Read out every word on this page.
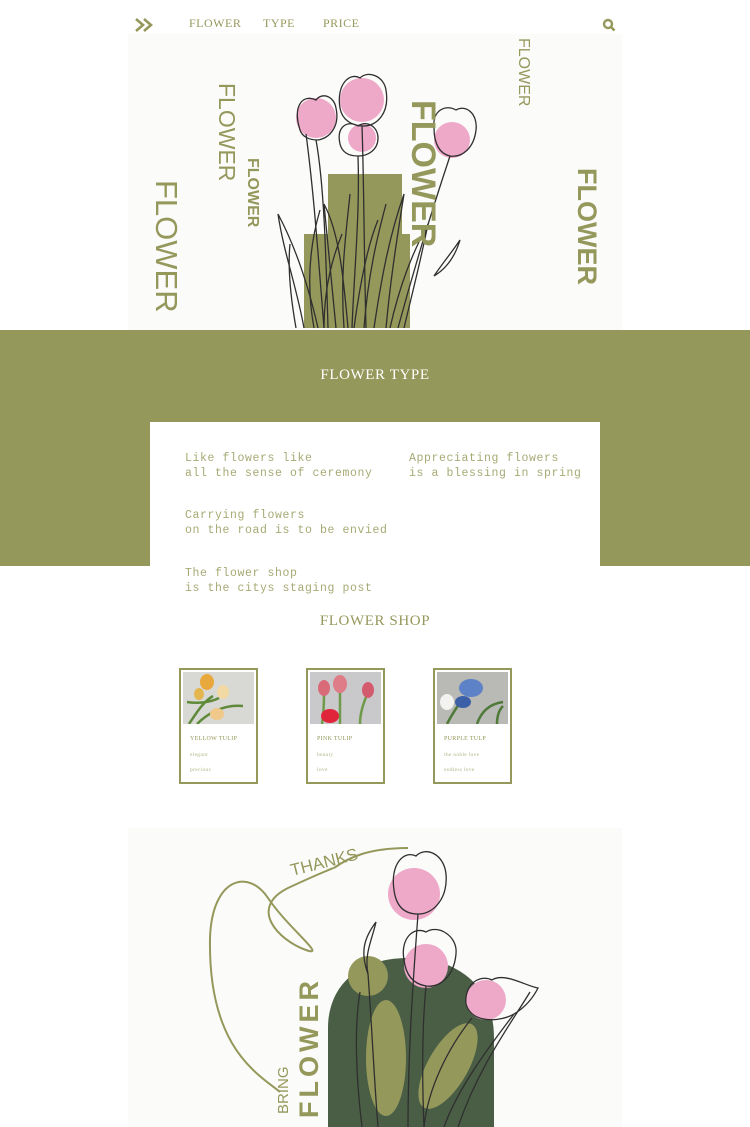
FLOWER TYPE PRICE
FLOWER
FLOWER
FLOWER	FLOWER
FLOWER
FLOWER
FLOWER TYPE
Like flowers like
all the sense of ceremony
Appreciating flowers
is a blessing in spring
Carrying flowers
on the road is to be envied
The flower shop
is the citys staging post
FLOWER SHOP
YELLOW TULIP
elegant
precious
PINK TULIP
beauty
love
PURPLE TULP
the noble love
endless love
THANKS
BRING FLOWER
